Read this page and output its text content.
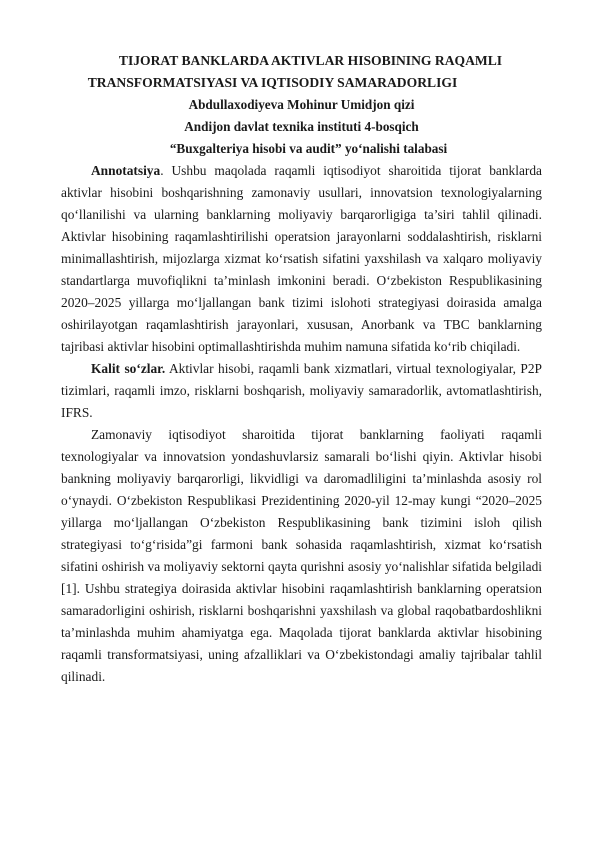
TIJORAT BANKLARDA AKTIVLAR HISOBINING RAQAMLI
TRANSFORMATSIYASI VA IQTISODIY SAMARADORLIGI

Abdullaxodiyeva Mohinur Umidjon qizi

Andijon davlat texnika instituti 4-bosqich

“Buxgalteriya hisobi va audit” yo‘nalishi talabasi

Annotatsiya. Ushbu maqolada raqamli iqtisodiyot sharoitida tijorat banklarda aktivlar hisobini boshqarishning zamonaviy usullari, innovatsion texnologiyalarning qo‘llanilishi va ularning banklarning moliyaviy barqarorligiga ta’siri tahlil qilinadi. Aktivlar hisobining raqamlashtirilishi operatsion jarayonlarni soddalashtirish, risklarni minimallashtirish, mijozlarga xizmat ko‘rsatish sifatini yaxshilash va xalqaro moliyaviy standartlarga muvofiqlikni ta’minlash imkonini beradi. O‘zbekiston Respublikasining 2020–2025 yillarga mo‘ljallangan bank tizimi islohoti strategiyasi doirasida amalga oshirilayotgan raqamlashtirish jarayonlari, xususan, Anorbank va TBC banklarning tajribasi aktivlar hisobini optimallashtirishda muhim namuna sifatida ko‘rib chiqiladi.

Kalit so‘zlar. Aktivlar hisobi, raqamli bank xizmatlari, virtual texnologiyalar, P2P tizimlari, raqamli imzo, risklarni boshqarish, moliyaviy samaradorlik, avtomatlashtirish, IFRS.

Zamonaviy iqtisodiyot sharoitida tijorat banklarning faoliyati raqamli texnologiyalar va innovatsion yondashuvlarsiz samarali bo‘lishi qiyin. Aktivlar hisobi bankning moliyaviy barqarorligi, likvidligi va daromadliligini ta’minlashda asosiy rol o‘ynaydi. O‘zbekiston Respublikasi Prezidentining 2020-yil 12-may kungi “2020–2025 yillarga mo‘ljallangan O‘zbekiston Respublikasining bank tizimini isloh qilish strategiyasi to‘g‘risida”gi farmoni bank sohasida raqamlashtirish, xizmat ko‘rsatish sifatini oshirish va moliyaviy sektorni qayta qurishni asosiy yo‘nalishlar sifatida belgiladi [1]. Ushbu strategiya doirasida aktivlar hisobini raqamlashtirish banklarning operatsion samaradorligini oshirish, risklarni boshqarishni yaxshilash va global raqobatbardoshlikni ta’minlashda muhim ahamiyatga ega. Maqolada tijorat banklarda aktivlar hisobining raqamli transformatsiyasi, uning afzalliklari va O‘zbekistondagi amaliy tajribalar tahlil qilinadi.
